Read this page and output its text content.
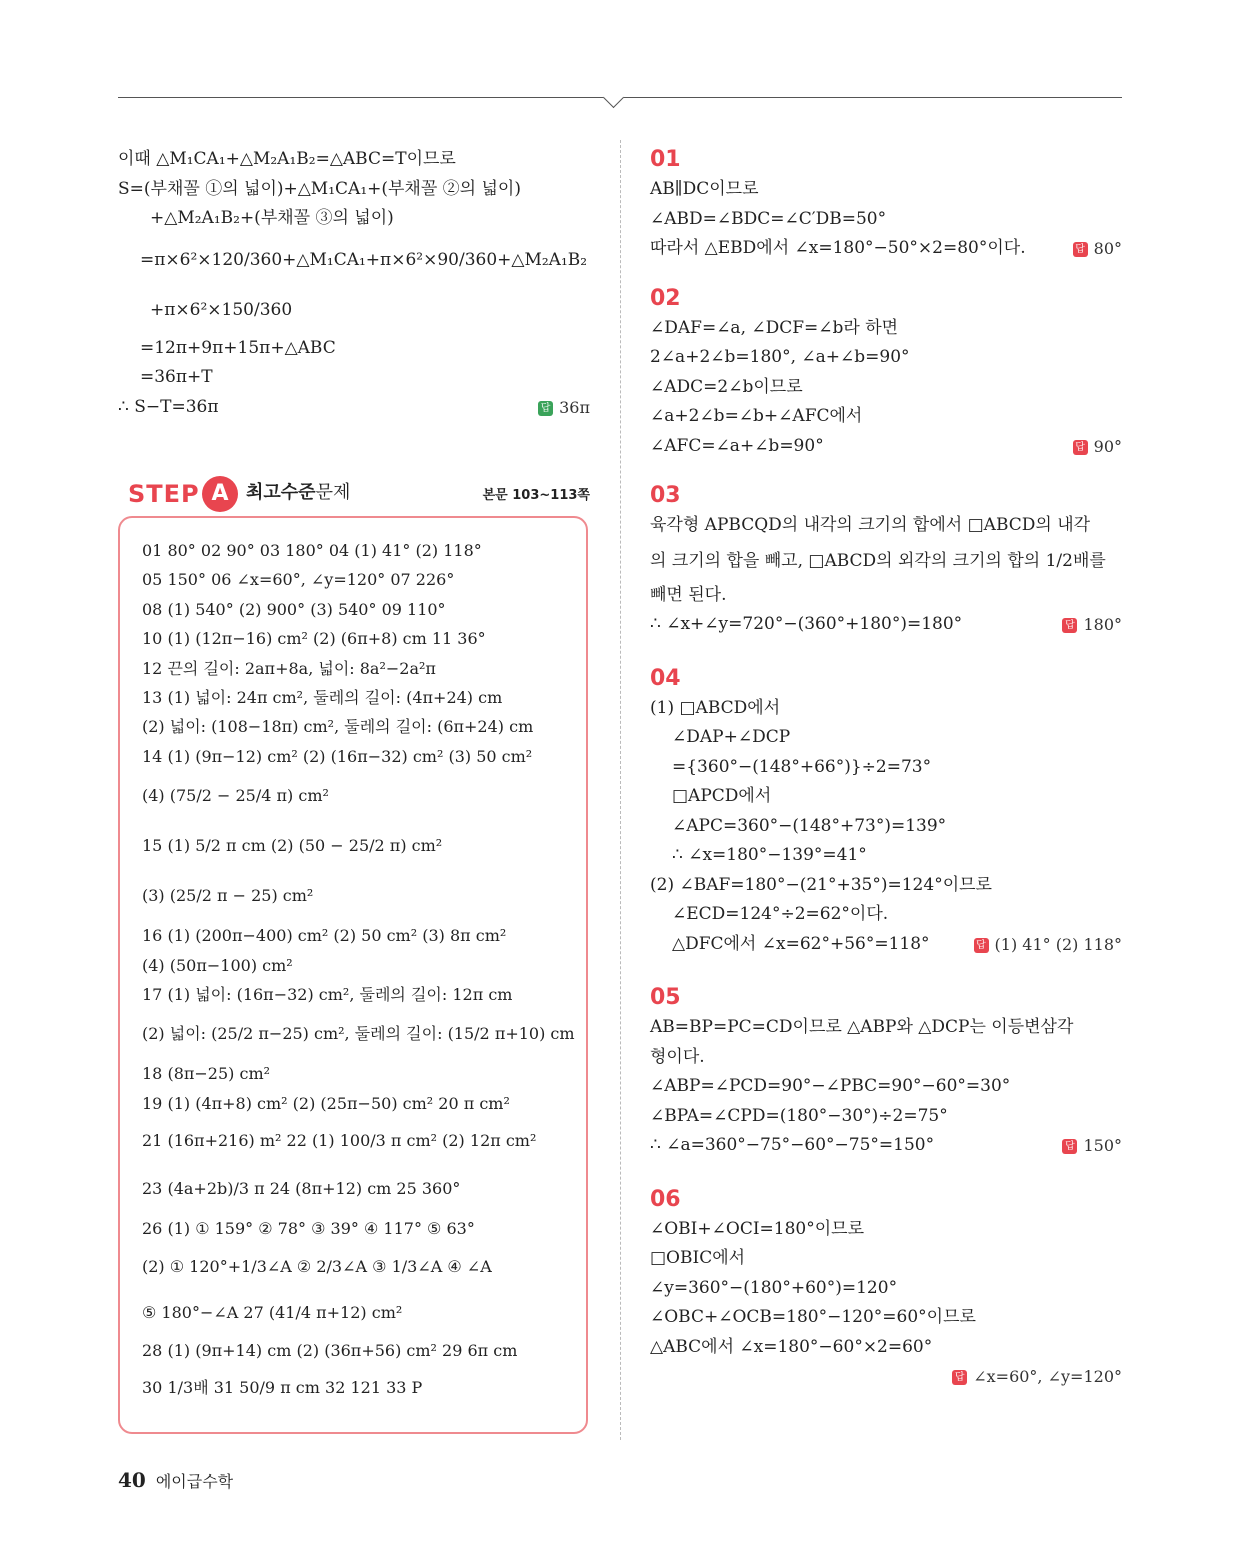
이때 △M₁CA₁+△M₂A₁B₂=△ABC=T이므로
S=(부채꼴 ①의 넓이)+△M₁CA₁+(부채꼴 ②의 넓이)
+△M₂A₁B₂+(부채꼴 ③의 넓이)
=π×6²×120/360+△M₁CA₁+π×6²×90/360+△M₂A₁B₂
+π×6²×150/360
=12π+9π+15π+△ABC
=36π+T
∴ S−T=36π	답 36π
STEP A 최고수준문제	본문 103~113쪽
01 80° 02 90° 03 180° 04 (1) 41° (2) 118°
05 150° 06 ∠x=60°, ∠y=120° 07 226°
08 (1) 540° (2) 900° (3) 540° 09 110°
10 (1) (12π−16) cm² (2) (6π+8) cm 11 36°
12 끈의 길이: 2aπ+8a, 넓이: 8a²−2a²π
13 (1) 넓이: 24π cm², 둘레의 길이: (4π+24) cm
(2) 넓이: (108−18π) cm², 둘레의 길이: (6π+24) cm
14 (1) (9π−12) cm² (2) (16π−32) cm² (3) 50 cm²
(4) (75/2 − 25/4 π) cm²
15 (1) 5/2 π cm (2) (50 − 25/2 π) cm²
(3) (25/2 π − 25) cm²
16 (1) (200π−400) cm² (2) 50 cm² (3) 8π cm²
(4) (50π−100) cm²
17 (1) 넓이: (16π−32) cm², 둘레의 길이: 12π cm
(2) 넓이: (25/2 π−25) cm², 둘레의 길이: (15/2 π+10) cm
18 (8π−25) cm²
19 (1) (4π+8) cm² (2) (25π−50) cm² 20 π cm²
21 (16π+216) m² 22 (1) 100/3 π cm² (2) 12π cm²
23 (4a+2b)/3 π 24 (8π+12) cm 25 360°
26 (1) ① 159° ② 78° ③ 39° ④ 117° ⑤ 63°
(2) ① 120°+1/3∠A ② 2/3∠A ③ 1/3∠A ④ ∠A
⑤ 180°−∠A 27 (41/4 π+12) cm²
28 (1) (9π+14) cm (2) (36π+56) cm² 29 6π cm
30 1/3배 31 50/9 π cm 32 121 33 P
01
AB∥DC이므로
∠ABD=∠BDC=∠C′DB=50°
따라서 △EBD에서 ∠x=180°−50°×2=80°이다.	답 80°
02
∠DAF=∠a, ∠DCF=∠b라 하면
2∠a+2∠b=180°, ∠a+∠b=90°
∠ADC=2∠b이므로
∠a+2∠b=∠b+∠AFC에서
∠AFC=∠a+∠b=90°	답 90°
03
육각형 APBCQD의 내각의 크기의 합에서 □ABCD의 내각
의 크기의 합을 빼고, □ABCD의 외각의 크기의 합의 1/2배를
빼면 된다.
∴ ∠x+∠y=720°−(360°+180°)=180°	답 180°
04
(1) □ABCD에서
∠DAP+∠DCP
={360°−(148°+66°)}÷2=73°
□APCD에서
∠APC=360°−(148°+73°)=139°
∴ ∠x=180°−139°=41°
(2) ∠BAF=180°−(21°+35°)=124°이므로
∠ECD=124°÷2=62°이다.
△DFC에서 ∠x=62°+56°=118°	답 (1) 41° (2) 118°
05
AB=BP=PC=CD이므로 △ABP와 △DCP는 이등변삼각
형이다.
∠ABP=∠PCD=90°−∠PBC=90°−60°=30°
∠BPA=∠CPD=(180°−30°)÷2=75°
∴ ∠a=360°−75°−60°−75°=150°	답 150°
06
∠OBI+∠OCI=180°이므로
□OBIC에서
∠y=360°−(180°+60°)=120°
∠OBC+∠OCB=180°−120°=60°이므로
△ABC에서 ∠x=180°−60°×2=60°
답 ∠x=60°, ∠y=120°

40 에이급수학
